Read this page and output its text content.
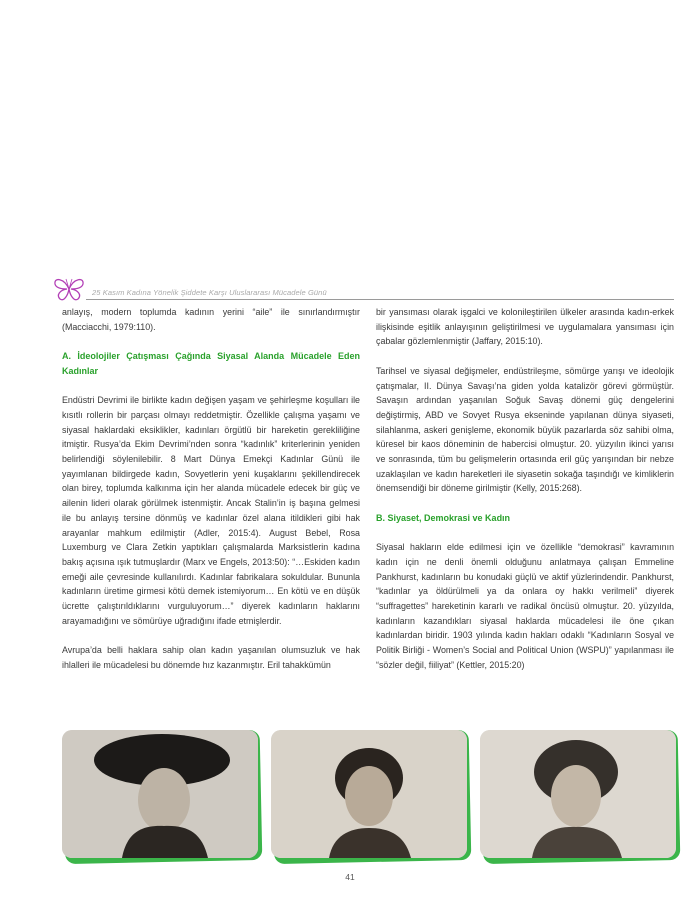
25 Kasım Kadına Yönelik Şiddete Karşı Uluslararası Mücadele Günü

anlayış, modern toplumda kadının yerini “aile” ile sınırlandırmıştır (Macciacchi, 1979:110).

A. İdeolojiler Çatışması Çağında Siyasal Alanda Mücadele Eden Kadınlar

Endüstri Devrimi ile birlikte kadın değişen yaşam ve şehirleşme koşulları ile kısıtlı rollerin bir parçası olmayı reddetmiştir. Özellikle çalışma yaşamı ve siyasal haklardaki eksiklikler, kadınları örgütlü bir hareketin gerekliliğine itmiştir. Rusya’da Ekim Devrimi’nden sonra “kadınlık” kriterlerinin yeniden belirlendiği söylenilebilir. 8 Mart Dünya Emekçi Kadınlar Günü ile yayımlanan bildirgede kadın, Sovyetlerin yeni kuşaklarını şekillendirecek olan birey, toplumda kalkınma için her alanda mücadele edecek bir güç ve ailenin lideri olarak görülmek istenmiştir. Ancak Stalin’in iş başına gelmesi ile bu anlayış tersine dönmüş ve kadınlar özel alana itildikleri gibi hak arayanlar mahkum edilmiştir (Adler, 2015:4). August Bebel, Rosa Luxemburg ve Clara Zetkin yaptıkları çalışmalarda Marksistlerin kadına bakış açısına ışık tutmuşlardır (Marx ve Engels, 2013:50): “…Eskiden kadın emeği aile çevresinde kullanılırdı. Kadınlar fabrikalara sokuldular. Bununla kadınların üretime girmesi kötü demek istemiyorum… En kötü ve en düşük ücrette çalıştırıldıklarını vurguluyorum…” diyerek kadınların haklarını arayamadığını ve sömürüye uğradığını ifade etmişlerdir.

Avrupa’da belli haklara sahip olan kadın yaşanılan olumsuzluk ve hak ihlalleri ile mücadelesi bu dönemde hız kazanmıştır. Eril tahakkümün

bir yansıması olarak işgalci ve kolonileştirilen ülkeler arasında kadın-erkek ilişkisinde eşitlik anlayışının geliştirilmesi ve uygulamalara yansıması için çabalar gözlemlenmiştir (Jaffary, 2015:10).

Tarihsel ve siyasal değişmeler, endüstrileşme, sömürge yarışı ve ideolojik çatışmalar, II. Dünya Savaşı’na giden yolda katalizör görevi görmüştür. Savaşın ardından yaşanılan Soğuk Savaş dönemi güç dengelerini değiştirmiş, ABD ve Sovyet Rusya ekseninde yapılanan dünya siyaseti, silahlanma, askeri genişleme, ekonomik büyük pazarlarda söz sahibi olma, küresel bir kaos döneminin de habercisi olmuştur. 20. yüzyılın ikinci yarısı ve sonrasında, tüm bu gelişmelerin ortasında eril güç yarışından bir nebze uzaklaşılan ve kadın hareketleri ile siyasetin sokağa taşındığı ve kimliklerin önemsendiği bir döneme girilmiştir (Kelly, 2015:268).

B. Siyaset, Demokrasi ve Kadın

Siyasal hakların elde edilmesi için ve özellikle “demokrasi” kavramının kadın için ne denli önemli olduğunu anlatmaya çalışan Emmeline Pankhurst, kadınların bu konudaki güçlü ve aktif yüzlerindendir. Pankhurst, “kadınlar ya öldürülmeli ya da onlara oy hakkı verilmeli” diyerek “suffragettes” hareketinin kararlı ve radikal öncüsü olmuştur. 20. yüzyılda, kadınların kazandıkları siyasal haklarda mücadelesi ile öne çıkan kadınlardan biridir. 1903 yılında kadın hakları odaklı “Kadınların Sosyal ve Politik Birliği - Women’s Social and Political Union (WSPU)” yapılanması ile “sözler değil, fiiliyat” (Kettler, 2015:20)

41
